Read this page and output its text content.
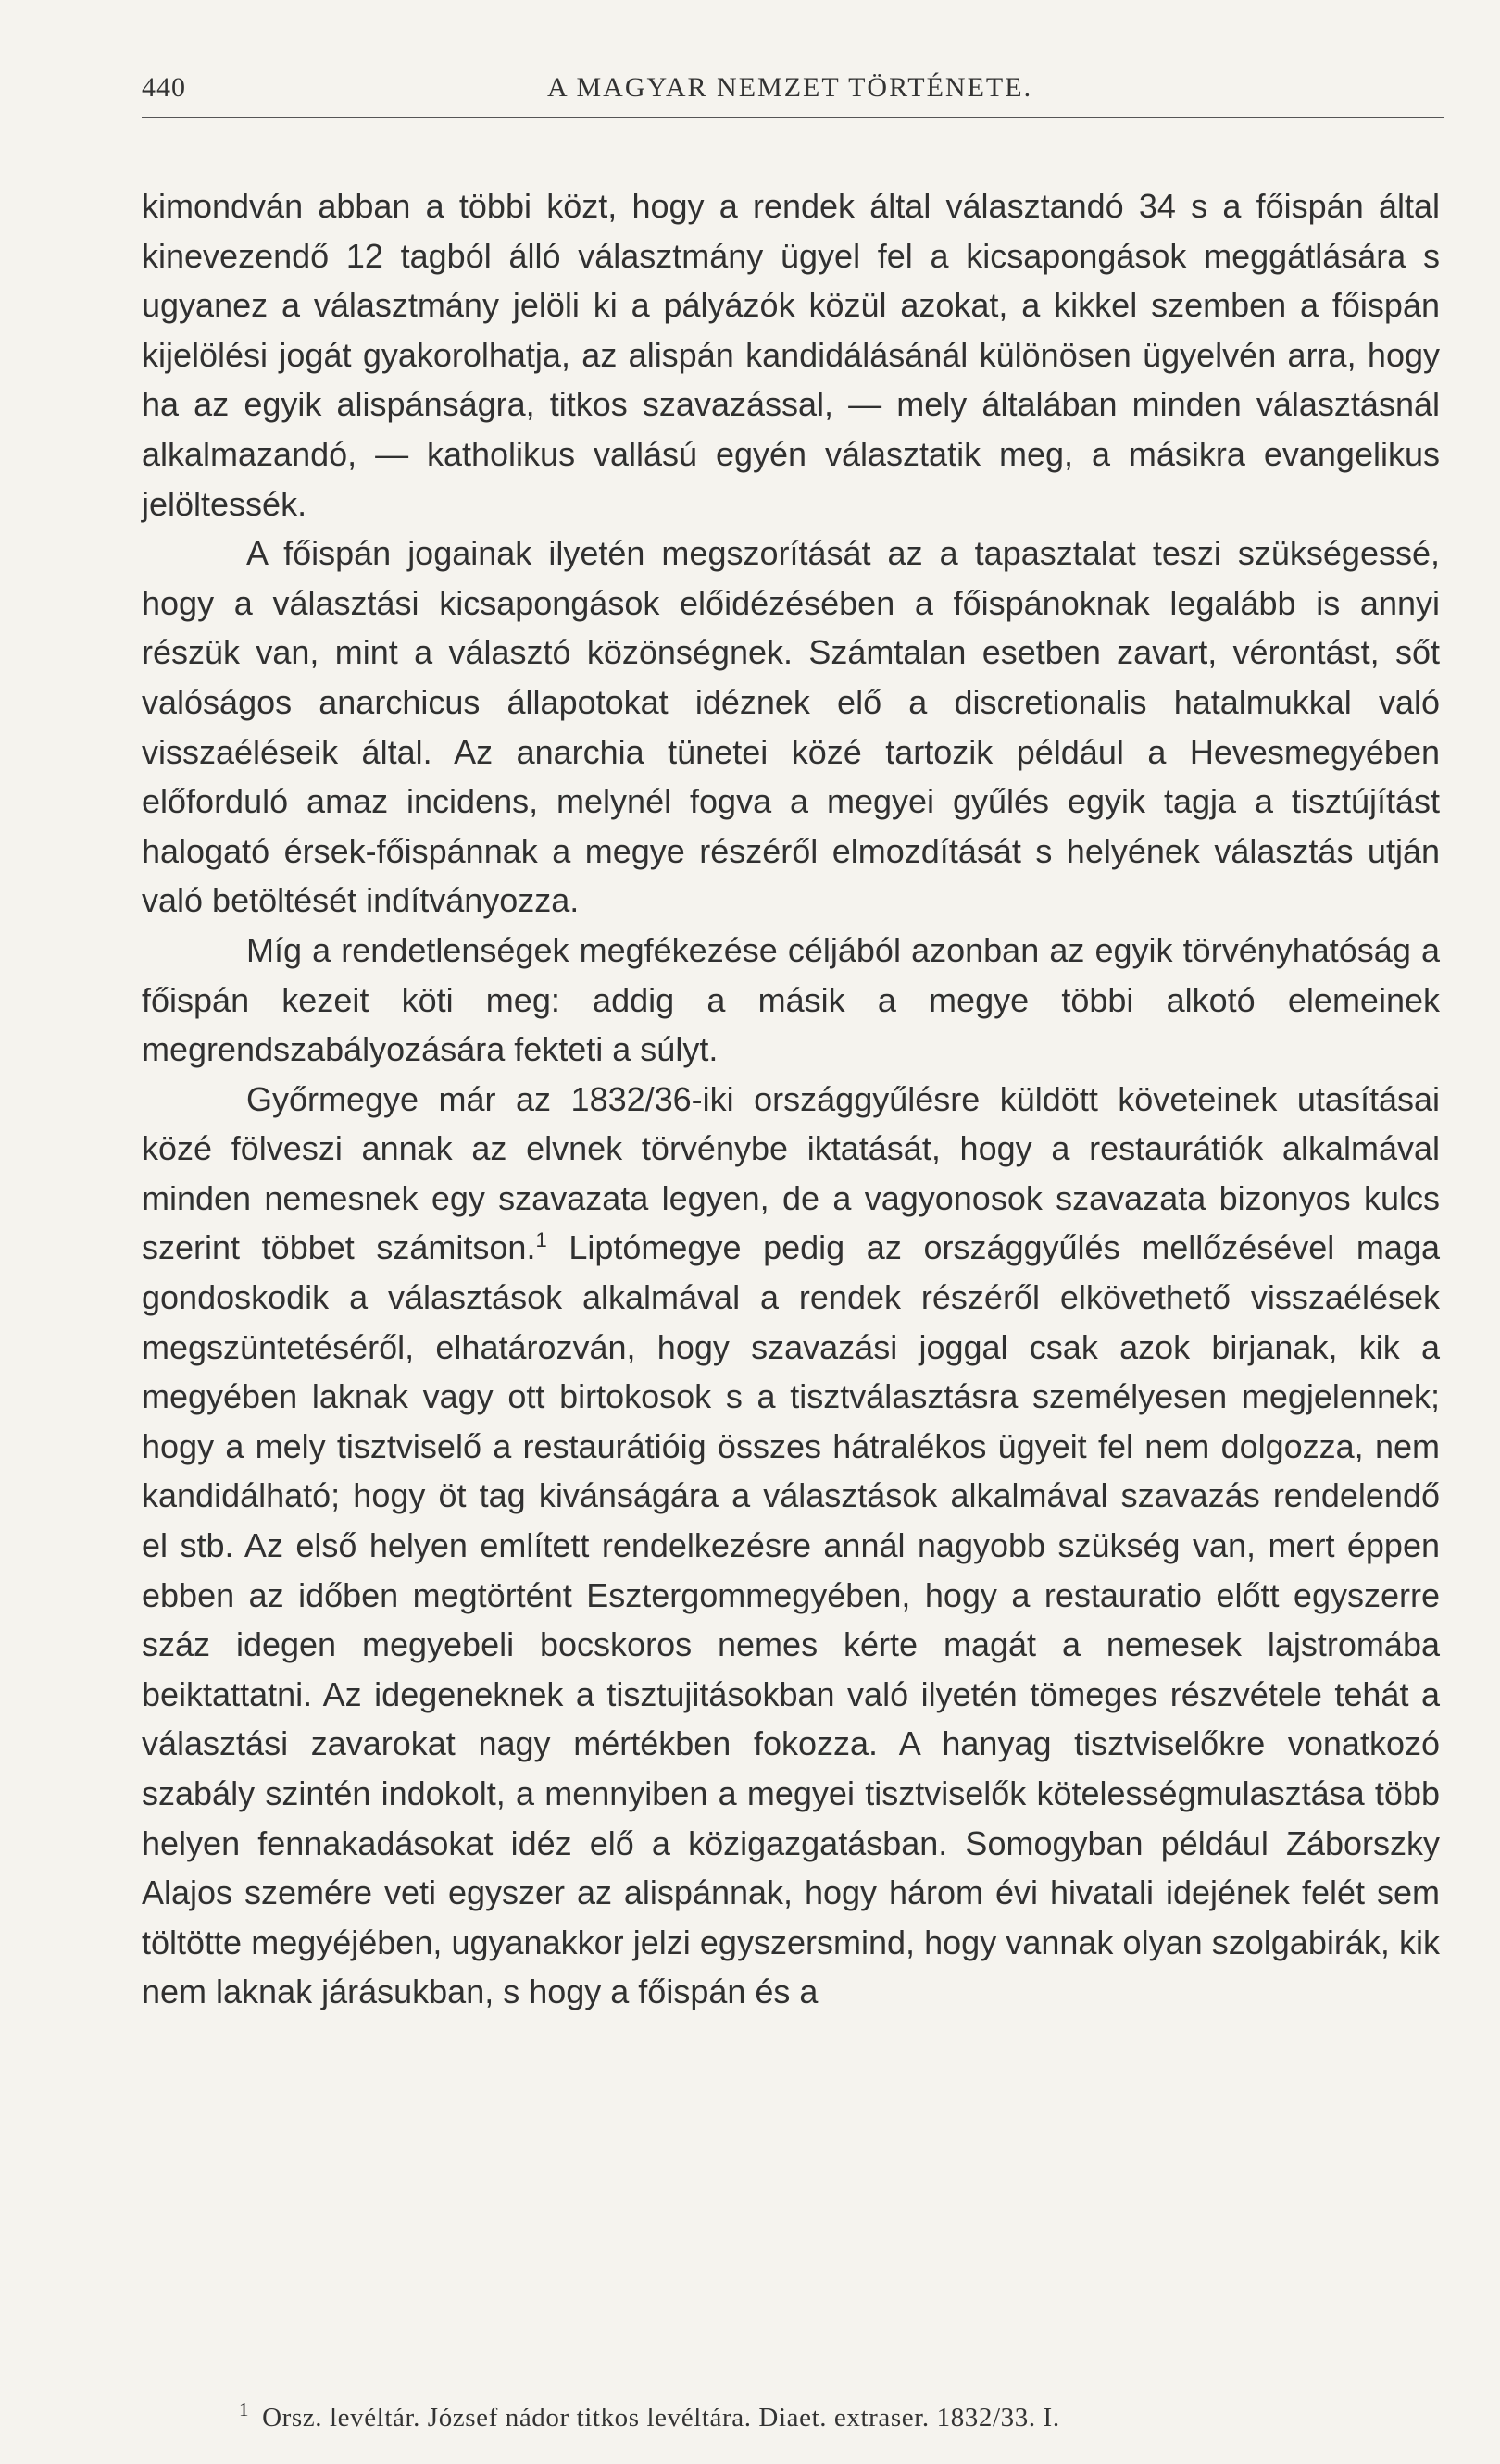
440	A MAGYAR NEMZET TÖRTÉNETE.

kimondván abban a többi közt, hogy a rendek által választandó 34 s a főispán által kinevezendő 12 tagból álló választmány ügyel fel a kicsapongások meggátlására s ugyanez a választmány jelöli ki a pályázók közül azokat, a kikkel szemben a főispán kijelölési jogát gyakorolhatja, az alispán kandidálásánál különösen ügyelvén arra, hogy ha az egyik alispánságra, titkos szavazással, — mely általában minden választásnál alkalmazandó, — katholikus vallású egyén választatik meg, a másikra evangelikus jelöltessék.

A főispán jogainak ilyetén megszorítását az a tapasztalat teszi szükségessé, hogy a választási kicsapongások előidézésében a főispánoknak legalább is annyi részük van, mint a választó közönségnek. Számtalan esetben zavart, vérontást, sőt valóságos anarchicus állapotokat idéznek elő a discretionalis hatalmukkal való visszaéléseik által. Az anarchia tünetei közé tartozik például a Hevesmegyében előforduló amaz incidens, melynél fogva a megyei gyűlés egyik tagja a tisztújítást halogató érsek-főispánnak a megye részéről elmozdítását s helyének választás utján való betöltését indítványozza.

Míg a rendetlenségek megfékezése céljából azonban az egyik törvényhatóság a főispán kezeit köti meg: addig a másik a megye többi alkotó elemeinek megrendszabályozására fekteti a súlyt.

Győrmegye már az 1832/36-iki országgyűlésre küldött követeinek utasításai közé fölveszi annak az elvnek törvénybe iktatását, hogy a restaurátiók alkalmával minden nemesnek egy szavazata legyen, de a vagyonosok szavazata bizonyos kulcs szerint többet számitson.$^1$ Liptómegye pedig az országgyűlés mellőzésével maga gondoskodik a választások alkalmával a rendek részéről elkövethető visszaélések megszüntetéséről, elhatározván, hogy szavazási joggal csak azok birjanak, kik a megyében laknak vagy ott birtokosok s a tisztválasztásra személyesen megjelennek; hogy a mely tisztviselő a restaurátióig összes hátralékos ügyeit fel nem dolgozza, nem kandidálható; hogy öt tag kivánságára a választások alkalmával szavazás rendelendő el stb. Az első helyen említett rendelkezésre annál nagyobb szükség van, mert éppen ebben az időben megtörtént Esztergommegyében, hogy a restauratio előtt egyszerre száz idegen megyebeli bocskoros nemes kérte magát a nemesek lajstromába beiktattatni. Az idegeneknek a tisztujitásokban való ilyetén tömeges részvétele tehát a választási zavarokat nagy mértékben fokozza. A hanyag tisztviselőkre vonatkozó szabály szintén indokolt, a mennyiben a megyei tisztviselők kötelességmulasztása több helyen fennakadásokat idéz elő a közigazgatásban. Somogyban például Záborszky Alajos szemére veti egyszer az alispánnak, hogy három évi hivatali idejének felét sem töltötte megyéjében, ugyanakkor jelzi egyszersmind, hogy vannak olyan szolgabirák, kik nem laknak járásukban, s hogy a főispán és a

$^1$ Orsz. levéltár. József nádor titkos levéltára. Diaet. extraser. 1832/33. I.
